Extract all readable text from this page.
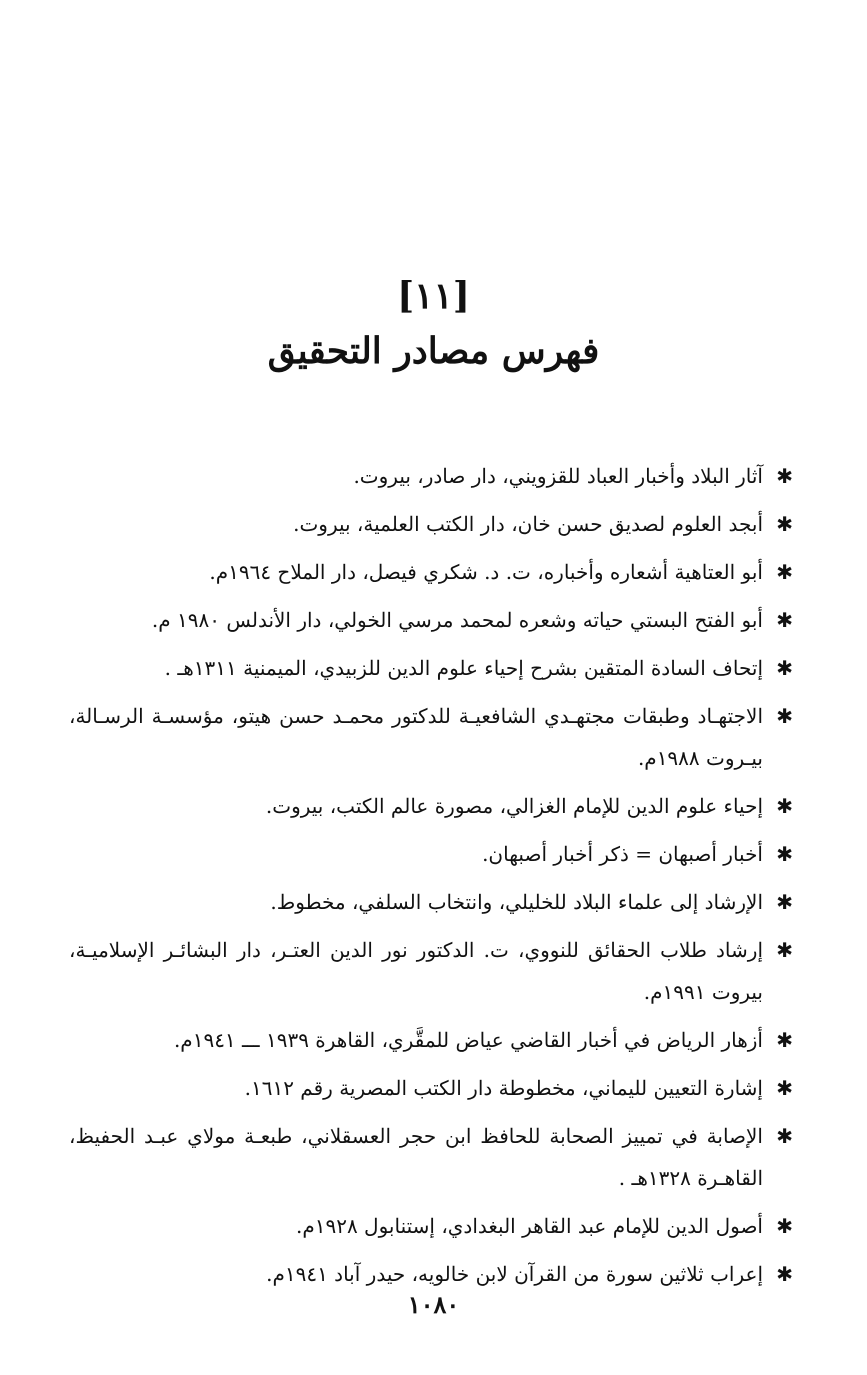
[١١]
فهرس مصادر التحقيق
✱
آثار البلاد وأخبار العباد للقزويني، دار صادر، بيروت.
✱
أبجد العلوم لصديق حسن خان، دار الكتب العلمية، بيروت.
✱
أبو العتاهية أشعاره وأخباره، ت. د. شكري فيصل، دار الملاح ١٩٦٤م.
✱
أبو الفتح البستي حياته وشعره لمحمد مرسي الخولي، دار الأندلس ١٩٨٠ م.
✱
إتحاف السادة المتقين بشرح إحياء علوم الدين للزبيدي، الميمنية ١٣١١هـ .
✱
الاجتهـاد وطبقات مجتهـدي الشافعيـة للدكتور محمـد حسن هيتو، مؤسسـة الرسـالة، بيـروت ١٩٨٨م.
✱
إحياء علوم الدين للإمام الغزالي، مصورة عالم الكتب، بيروت.
✱
أخبار أصبهان = ذكر أخبار أصبهان.
✱
الإرشاد إلى علماء البلاد للخليلي، وانتخاب السلفي، مخطوط.
✱
إرشاد طلاب الحقائق للنووي، ت. الدكتور نور الدين العتـر، دار البشائـر الإسلاميـة، بيروت ١٩٩١م.
✱
أزهار الرياض في أخبار القاضي عياض للمقَّري، القاهرة ١٩٣٩ ـــ ١٩٤١م.
✱
إشارة التعيين لليماني، مخطوطة دار الكتب المصرية رقم ١٦١٢.
✱
الإصابة في تمييز الصحابة للحافظ ابن حجر العسقلاني، طبعـة مولاي عبـد الحفيظ، القاهـرة ١٣٢٨هـ .
✱
أصول الدين للإمام عبد القاهر البغدادي، إستنابول ١٩٢٨م.
✱
إعراب ثلاثين سورة من القرآن لابن خالويه، حيدر آباد ١٩٤١م.
١٠٨٠
